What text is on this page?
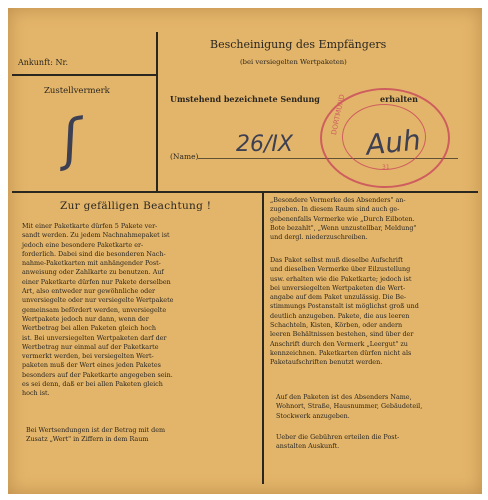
Ankunft: Nr.
Zustellvermerk
ʃ
Bescheinigung des Empfängers
(bei versiegelten Wertpaketen)
Umstehend bezeichnete Sendung	erhalten
(Name) 26/IX	Auh
DORTMUND
31
Zur gefälligen Beachtung !
Mit einer Paketkarte dürfen 5 Pakete ver-
sandt werden. Zu jedem Nachnahmepaket ist
jedoch eine besondere Paketkarte er-
forderlich. Dabei sind die besonderen Nach-
nahme-Paketkarten mit anhängender Post-
anweisung oder Zahlkarte zu benutzen. Auf
einer Paketkarte dürfen nur Pakete derselben
Art, also entweder nur gewöhnliche oder
unversiegelte oder nur versiegelte Wertpakete
gemeinsam befördert werden, unversiegelte
Wertpakete jedoch nur dann, wenn der
Wertbetrag bei allen Paketen gleich hoch
ist. Bei unversiegelten Wertpaketen darf der
Wertbetrag nur einmal auf der Paketkarte
vermerkt werden, bei versiegelten Wert-
paketen muß der Wert eines jeden Paketes
besonders auf der Paketkarte angegeben sein.
es sei denn, daß er bei allen Paketen gleich
hoch ist.
Bei Wertsendungen ist der Betrag mit dem
Zusatz „Wert" in Ziffern in dem Raum
„Besondere Vermerke des Absenders" an-
zugeben. In diesem Raum sind auch ge-
gebenenfalls Vermerke wie „Durch Eilboten.
Bote bezahlt", „Wenn unzustellbar, Meldung"
und dergl. niederzuschreiben.
Das Paket selbst muß dieselbe Aufschrift
und dieselben Vermerke über Eilzustellung
usw. erhalten wie die Paketkarte; jedoch ist
bei unversiegelten Wertpaketen die Wert-
angabe auf dem Paket unzulässig. Die Be-
stimmungs Postanstalt ist möglichst groß und
deutlich anzugeben. Pakete, die aus leeren
Schachteln, Kisten, Körben, oder andern
leeren Behältnissen bestehen, sind über der
Anschrift durch den Vermerk „Leergut" zu
kennzeichnen. Paketkarten dürfen nicht als
Paketaufschriften benutzt werden.
Auf den Paketen ist des Absenders Name,
Wohnort, Straße, Hausnummer, Gebäudeteil,
Stockwerk anzugeben.
Ueber die Gebühren erteilen die Post-
anstalten Auskunft.
